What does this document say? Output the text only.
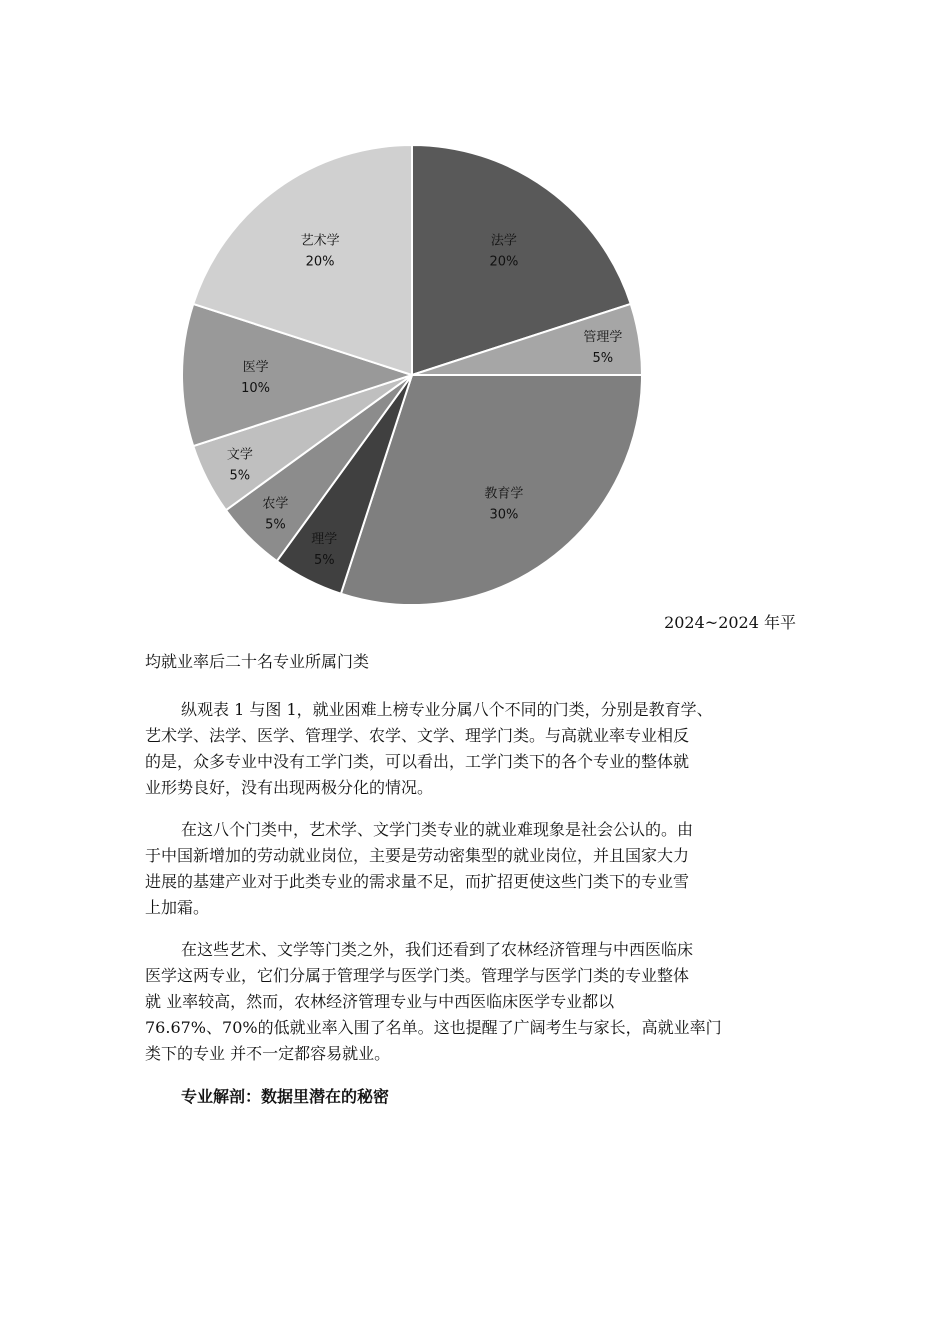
法学
20%
管理学
5%
教育学
30%
理学
5%
农学
5%
文学
5%
医学
10%
艺术学
20%
2024~2024 年平
均就业率后二十名专业所属门类

纵观表 1 与图 1，就业困难上榜专业分属八个不同的门类，分别是教育学、
艺术学、法学、医学、管理学、农学、文学、理学门类。与高就业率专业相反
的是，众多专业中没有工学门类，可以看出，工学门类下的各个专业的整体就
业形势良好，没有出现两极分化的情况。

在这八个门类中，艺术学、文学门类专业的就业难现象是社会公认的。由
于中国新增加的劳动就业岗位，主要是劳动密集型的就业岗位，并且国家大力
进展的基建产业对于此类专业的需求量不足，而扩招更使这些门类下的专业雪
上加霜。

在这些艺术、文学等门类之外，我们还看到了农林经济管理与中西医临床
医学这两专业，它们分属于管理学与医学门类。管理学与医学门类的专业整体
就 业率较高，然而，农林经济管理专业与中西医临床医学专业都以
76.67%、70%的低就业率入围了名单。这也提醒了广阔考生与家长，高就业率门
类下的专业 并不一定都容易就业。

专业解剖：数据里潜在的秘密
